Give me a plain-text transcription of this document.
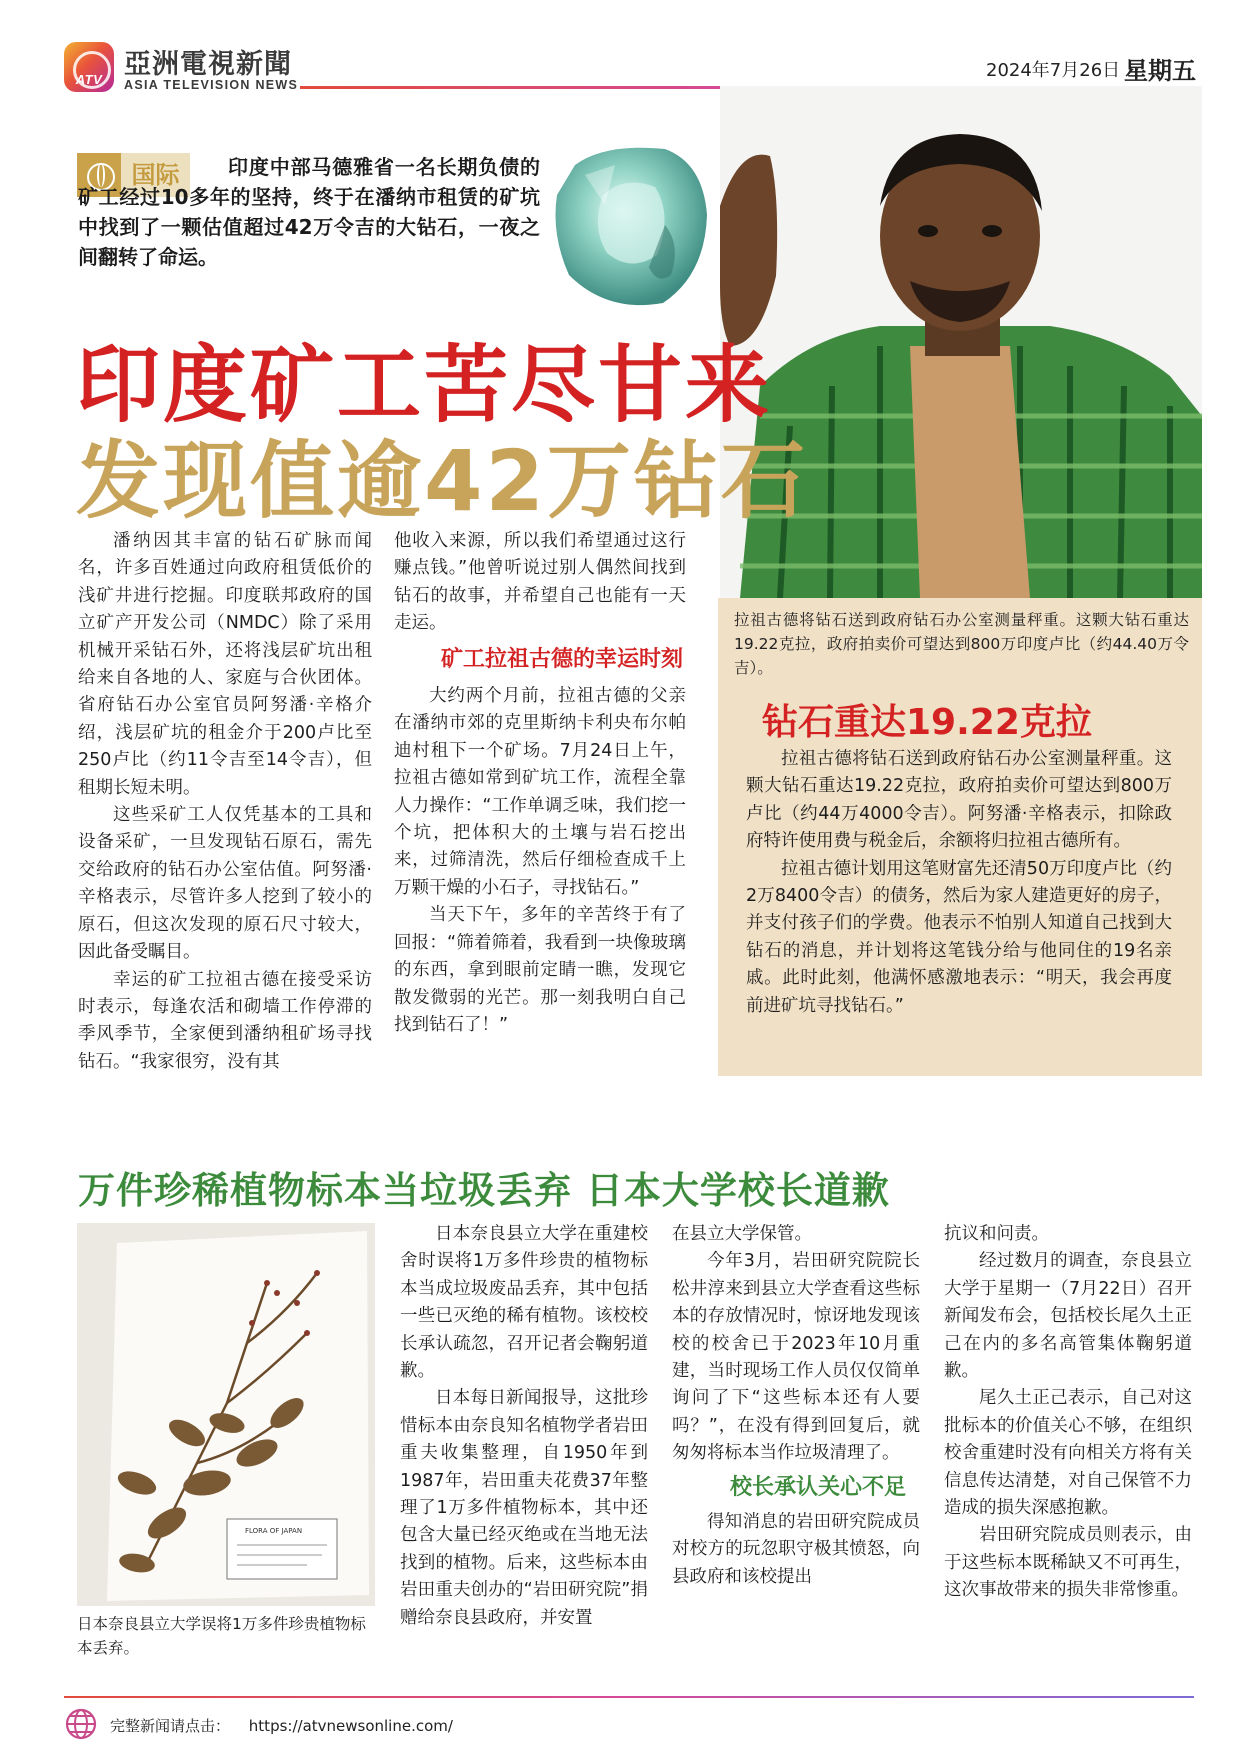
ATV 亞洲電視新聞
ASIA TELEVISION NEWS
2024年7月26日 星期五
国际	印度中部马德雅省一名长期负债的矿工经过10多年的坚持，终于在潘纳市租赁的矿坑中找到了一颗估值超过42万令吉的大钻石，一夜之间翻转了命运。

拉祖古德将钻石送到政府钻石办公室测量秤重。这颗大钻石重达19.22克拉，政府拍卖价可望达到800万印度卢比（约44.40万令吉）。

印度矿工苦尽甘来
发现值逾42万钻石

潘纳因其丰富的钻石矿脉而闻名，许多百姓通过向政府租赁低价的浅矿井进行挖掘。印度联邦政府的国立矿产开发公司（NMDC）除了采用机械开采钻石外，还将浅层矿坑出租给来自各地的人、家庭与合伙团体。省府钻石办公室官员阿努潘·辛格介绍，浅层矿坑的租金介于200卢比至250卢比（约11令吉至14令吉），但租期长短未明。

这些采矿工人仅凭基本的工具和设备采矿，一旦发现钻石原石，需先交给政府的钻石办公室估值。阿努潘·辛格表示，尽管许多人挖到了较小的原石，但这次发现的原石尺寸较大，因此备受瞩目。

幸运的矿工拉祖古德在接受采访时表示，每逢农活和砌墙工作停滞的季风季节，全家便到潘纳租矿场寻找钻石。“我家很穷，没有其

他收入来源，所以我们希望通过这行赚点钱。”他曾听说过别人偶然间找到钻石的故事，并希望自己也能有一天走运。

矿工拉祖古德的幸运时刻

大约两个月前，拉祖古德的父亲在潘纳市郊的克里斯纳卡利央布尔帕迪村租下一个矿场。7月24日上午，拉祖古德如常到矿坑工作，流程全靠人力操作：“工作单调乏味，我们挖一个坑，把体积大的土壤与岩石挖出来，过筛清洗，然后仔细检查成千上万颗干燥的小石子，寻找钻石。”

当天下午，多年的辛苦终于有了回报：“筛着筛着，我看到一块像玻璃的东西，拿到眼前定睛一瞧，发现它散发微弱的光芒。那一刻我明白自己找到钻石了！”

钻石重达19.22克拉

拉祖古德将钻石送到政府钻石办公室测量秤重。这颗大钻石重达19.22克拉，政府拍卖价可望达到800万卢比（约44万4000令吉）。阿努潘·辛格表示，扣除政府特许使用费与税金后，余额将归拉祖古德所有。

拉祖古德计划用这笔财富先还清50万印度卢比（约2万8400令吉）的债务，然后为家人建造更好的房子，并支付孩子们的学费。他表示不怕别人知道自己找到大钻石的消息，并计划将这笔钱分给与他同住的19名亲戚。此时此刻，他满怀感激地表示：“明天，我会再度前进矿坑寻找钻石。”

万件珍稀植物标本当垃圾丢弃 日本大学校长道歉
FLORA OF JAPAN

日本奈良县立大学误将1万多件珍贵植物标本丢弃。

日本奈良县立大学在重建校舍时误将1万多件珍贵的植物标本当成垃圾废品丢弃，其中包括一些已灭绝的稀有植物。该校校长承认疏忽，召开记者会鞠躬道歉。

日本每日新闻报导，这批珍惜标本由奈良知名植物学者岩田重夫收集整理，自1950年到1987年，岩田重夫花费37年整理了1万多件植物标本，其中还包含大量已经灭绝或在当地无法找到的植物。后来，这些标本由岩田重夫创办的“岩田研究院”捐赠给奈良县政府，并安置

在县立大学保管。

今年3月，岩田研究院院长松井淳来到县立大学查看这些标本的存放情况时，惊讶地发现该校的校舍已于2023年10月重建，当时现场工作人员仅仅简单询问了下“这些标本还有人要吗？”，在没有得到回复后，就匆匆将标本当作垃圾清理了。

校长承认关心不足

得知消息的岩田研究院成员对校方的玩忽职守极其愤怒，向县政府和该校提出

抗议和问责。

经过数月的调查，奈良县立大学于星期一（7月22日）召开新闻发布会，包括校长尾久土正己在内的多名高管集体鞠躬道歉。

尾久土正己表示，自己对这批标本的价值关心不够，在组织校舍重建时没有向相关方将有关信息传达清楚，对自己保管不力造成的损失深感抱歉。

岩田研究院成员则表示，由于这些标本既稀缺又不可再生，这次事故带来的损失非常惨重。

完整新闻请点击： https://atvnewsonline.com/
